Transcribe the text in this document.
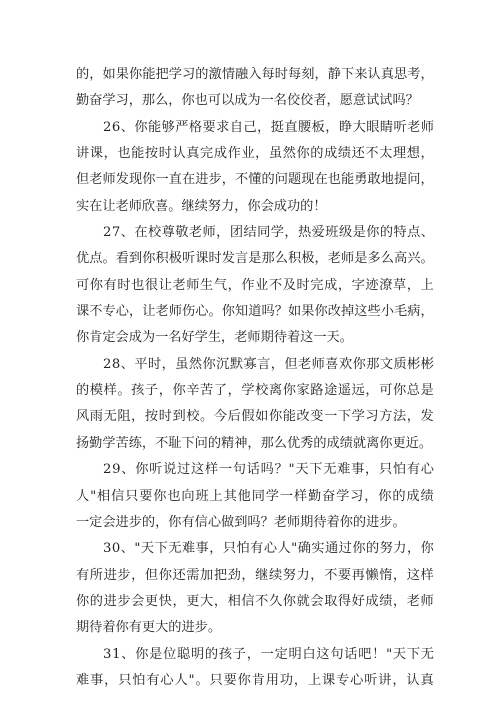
的 ， 如 果 你 能 把 学 习 的 激 情 融 入 每 时 每 刻 ， 静 下 来 认 真 思 考 ，
勤奋学习，那么，你也可以成为一名佼佼者，愿意试试吗？
2 6 、 你 能 够 严 格 要 求 自 己 ， 挺 直 腰 板 ， 睁 大 眼 睛 听 老 师
讲 课 ， 也 能 按 时 认 真 完 成 作 业 ， 虽 然 你 的 成 绩 还 不 太 理 想 ，
但 老 师 发 现 你 一 直 在 进 步 ， 不 懂 的 问 题 现 在 也 能 勇 敢 地 提 问 ，
实在让老师欣喜。继续努力，你会成功的！
2 7 、 在 校 尊 敬 老 师 ， 团 结 同 学 ， 热 爱 班 级 是 你 的 特 点 、
优 点 。 看 到 你 积 极 听 课 时 发 言 是 那 么 积 极 ， 老 师 是 多 么 高 兴 。
可 你 有 时 也 很 让 老 师 生 气 ， 作 业 不 及 时 完 成 ， 字 迹 潦 草 ， 上
课 不 专 心 ， 让 老 师 伤 心 。 你 知 道 吗 ？ 如 果 你 改 掉 这 些 小 毛 病 ，
你肯定会成为一名好学生，老师期待着这一天。
2 8 、 平 时 ， 虽 然 你 沉 默 寡 言 ， 但 老 师 喜 欢 你 那 文 质 彬 彬
的 模 样 。 孩 子 ， 你 辛 苦 了 ， 学 校 离 你 家 路 途 遥 远 ， 可 你 总 是
风 雨 无 阻 ， 按 时 到 校 。 今 后 假 如 你 能 改 变 一 下 学 习 方 法 ， 发
扬勤学苦练，不耻下问的精神，那么优秀的成绩就离你更近。
2 9 、 你 听 说 过 这 样 一 句 话 吗 ？ " 天 下 无 难 事 ， 只 怕 有 心
人 " 相 信 只 要 你 也 向 班 上 其 他 同 学 一 样 勤 奋 学 习 ， 你 的 成 绩
一定会进步的，你有信心做到吗？老师期待着你的进步。
3 0 、 " 天 下 无 难 事 ， 只 怕 有 心 人 " 确 实 通 过 你 的 努 力 ， 你
有 所 进 步 ， 但 你 还 需 加 把 劲 ， 继 续 努 力 ， 不 要 再 懒 惰 ， 这 样
你 的 进 步 会 更 快 ， 更 大 ， 相 信 不 久 你 就 会 取 得 好 成 绩 ， 老 师
期待着你有更大的进步。
3 1 、 你 是 位 聪 明 的 孩 子 ， 一 定 明 白 这 句 话 吧 ！ " 天 下 无
难 事 ， 只 怕 有 心 人 " 。 只 要 你 肯 用 功 ， 上 课 专 心 听 讲 ， 认 真
